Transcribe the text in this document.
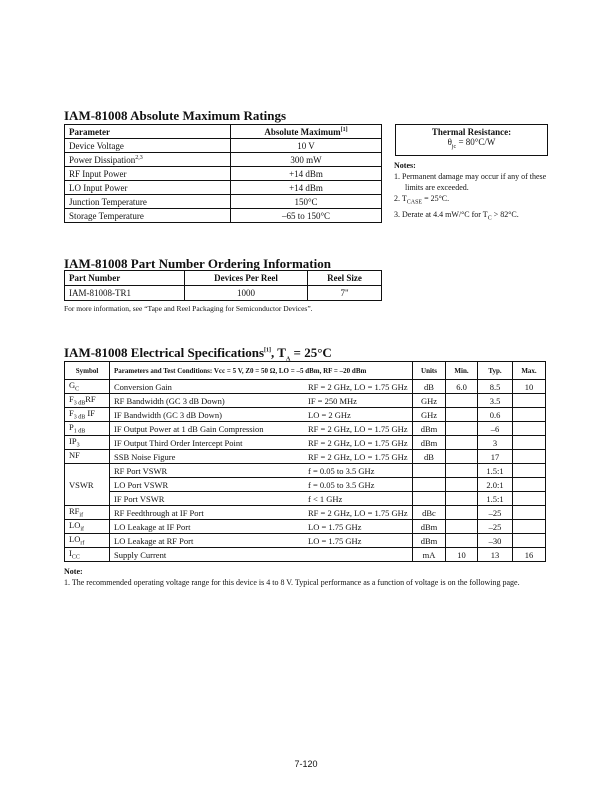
IAM-81008 Absolute Maximum Ratings
Parameter	Absolute Maximum[1]
Device Voltage	10 V
Power Dissipation$^{2,3}$	300 mW
RF Input Power	+14 dBm
LO Input Power	+14 dBm
Junction Temperature	150°C
Storage Temperature	–65 to 150°C
Thermal Resistance:
$\theta_{jc} = 80^\circ C/W$
Notes:
1. Permanent damage may occur if any of these limits are exceeded.
2. $T_{CASE} = 25^\circ C$.
3. Derate at 4.4 mW/°C for $T_C > 82^\circ C$.
IAM-81008 Part Number Ordering Information
Part Number	Devices Per Reel	Reel Size
IAM-81008-TR1	1000	7"
For more information, see “Tape and Reel Packaging for Semiconductor Devices”.
IAM-81008 Electrical Specifications[1], $T_A = 25^\circ C$
Symbol	Parameters and Test Conditions: Vcc = 5 V, Z0 = 50 Ω, LO = –5 dBm, RF = –20 dBm		Units	Min.	Typ.	Max.
$G_C$	Conversion Gain	RF = 2 GHz, LO = 1.75 GHz	dB	6.0	8.5	10
$F_{3 dB}RF$	RF Bandwidth (GC 3 dB Down)	IF = 250 MHz	GHz		3.5	
$F_{3 dB}$ IF	IF Bandwidth (GC 3 dB Down)	LO = 2 GHz	GHz		0.6	
$P_{1 dB}$	IF Output Power at 1 dB Gain Compression	RF = 2 GHz, LO = 1.75 GHz	dBm		–6	
$IP_3$	IF Output Third Order Intercept Point	RF = 2 GHz, LO = 1.75 GHz	dBm		3	
NF	SSB Noise Figure	RF = 2 GHz, LO = 1.75 GHz	dB		17	
VSWR	RF Port VSWR	f = 0.05 to 3.5 GHz			1.5:1	
	LO Port VSWR	f = 0.05 to 3.5 GHz			2.0:1	
	IF Port VSWR	f < 1 GHz			1.5:1	
$RF_{if}$	RF Feedthrough at IF Port	RF = 2 GHz, LO = 1.75 GHz	dBc		–25	
$LO_{if}$	LO Leakage at IF Port	LO = 1.75 GHz	dBm		–25	
$LO_{rf}$	LO Leakage at RF Port	LO = 1.75 GHz	dBm		–30	
$I_{CC}$	Supply Current		mA	10	13	16
Note:
1. The recommended operating voltage range for this device is 4 to 8 V. Typical performance as a function of voltage is on the following page.
7-120
